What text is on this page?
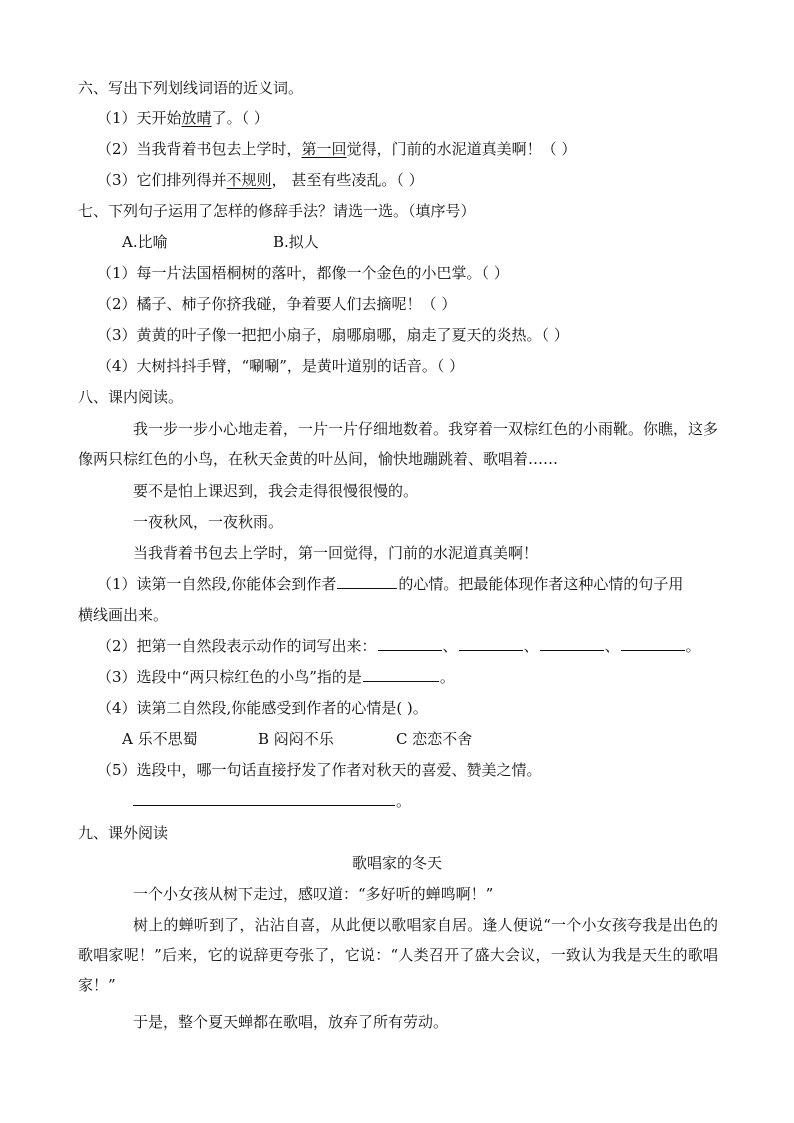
六、写出下列划线词语的近义词。
（1）天开始放晴了。（ ）
（2）当我背着书包去上学时，第一回觉得，门前的水泥道真美啊！（ ）
（3）它们排列得并不规则， 甚至有些凌乱。（ ）
七、下列句子运用了怎样的修辞手法？请选一选。（填序号）
A.比喻	B.拟人
（1）每一片法国梧桐树的落叶，都像一个金色的小巴掌。（ ）
（2）橘子、柿子你挤我碰，争着要人们去摘呢！（ ）
（3）黄黄的叶子像一把把小扇子，扇哪扇哪，扇走了夏天的炎热。（ ）
（4）大树抖抖手臂，“唰唰”，是黄叶道别的话音。（ ）
八、课内阅读。
我一步一步小心地走着，一片一片仔细地数着。我穿着一双棕红色的小雨靴。你瞧，这多像两只棕红色的小鸟，在秋天金黄的叶丛间，愉快地蹦跳着、歌唱着……
要不是怕上课迟到，我会走得很慢很慢的。
一夜秋风，一夜秋雨。
当我背着书包去上学时，第一回觉得，门前的水泥道真美啊！
（1）读第一自然段,你能体会到作者	的心情。把最能体现作者这种心情的句子用
横线画出来。
（2）把第一自然段表示动作的词写出来：	、	、	、	。
（3）选段中“两只棕红色的小鸟”指的是	。
（4）读第二自然段,你能感受到作者的心情是( )。
A 乐不思蜀	B 闷闷不乐	C 恋恋不舍
（5）选段中，哪一句话直接抒发了作者对秋天的喜爱、赞美之情。
。
九、课外阅读
歌唱家的冬天
一个小女孩从树下走过，感叹道：“多好听的蝉鸣啊！”
树上的蝉听到了，沾沾自喜，从此便以歌唱家自居。逢人便说“一个小女孩夸我是出色的歌唱家呢！”后来，它的说辞更夸张了，它说：“人类召开了盛大会议，一致认为我是天生的歌唱家！”
于是，整个夏天蝉都在歌唱，放弃了所有劳动。
